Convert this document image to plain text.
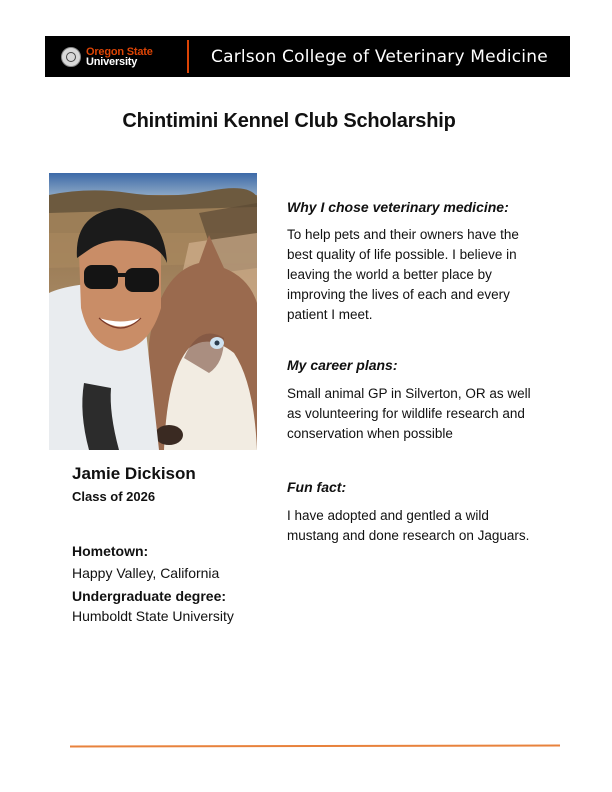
Oregon State
University	Carlson College of Veterinary Medicine
Chintimini Kennel Club Scholarship
Jamie Dickison
Class of 2026
Hometown:
Happy Valley, California
Undergraduate degree:
Humboldt State University
Why I chose veterinary medicine:
To help pets and their owners have the
best quality of life possible. I believe in
leaving the world a better place by
improving the lives of each and every
patient I meet.
My career plans:
Small animal GP in Silverton, OR as well
as volunteering for wildlife research and
conservation when possible
Fun fact:
I have adopted and gentled a wild
mustang and done research on Jaguars.
